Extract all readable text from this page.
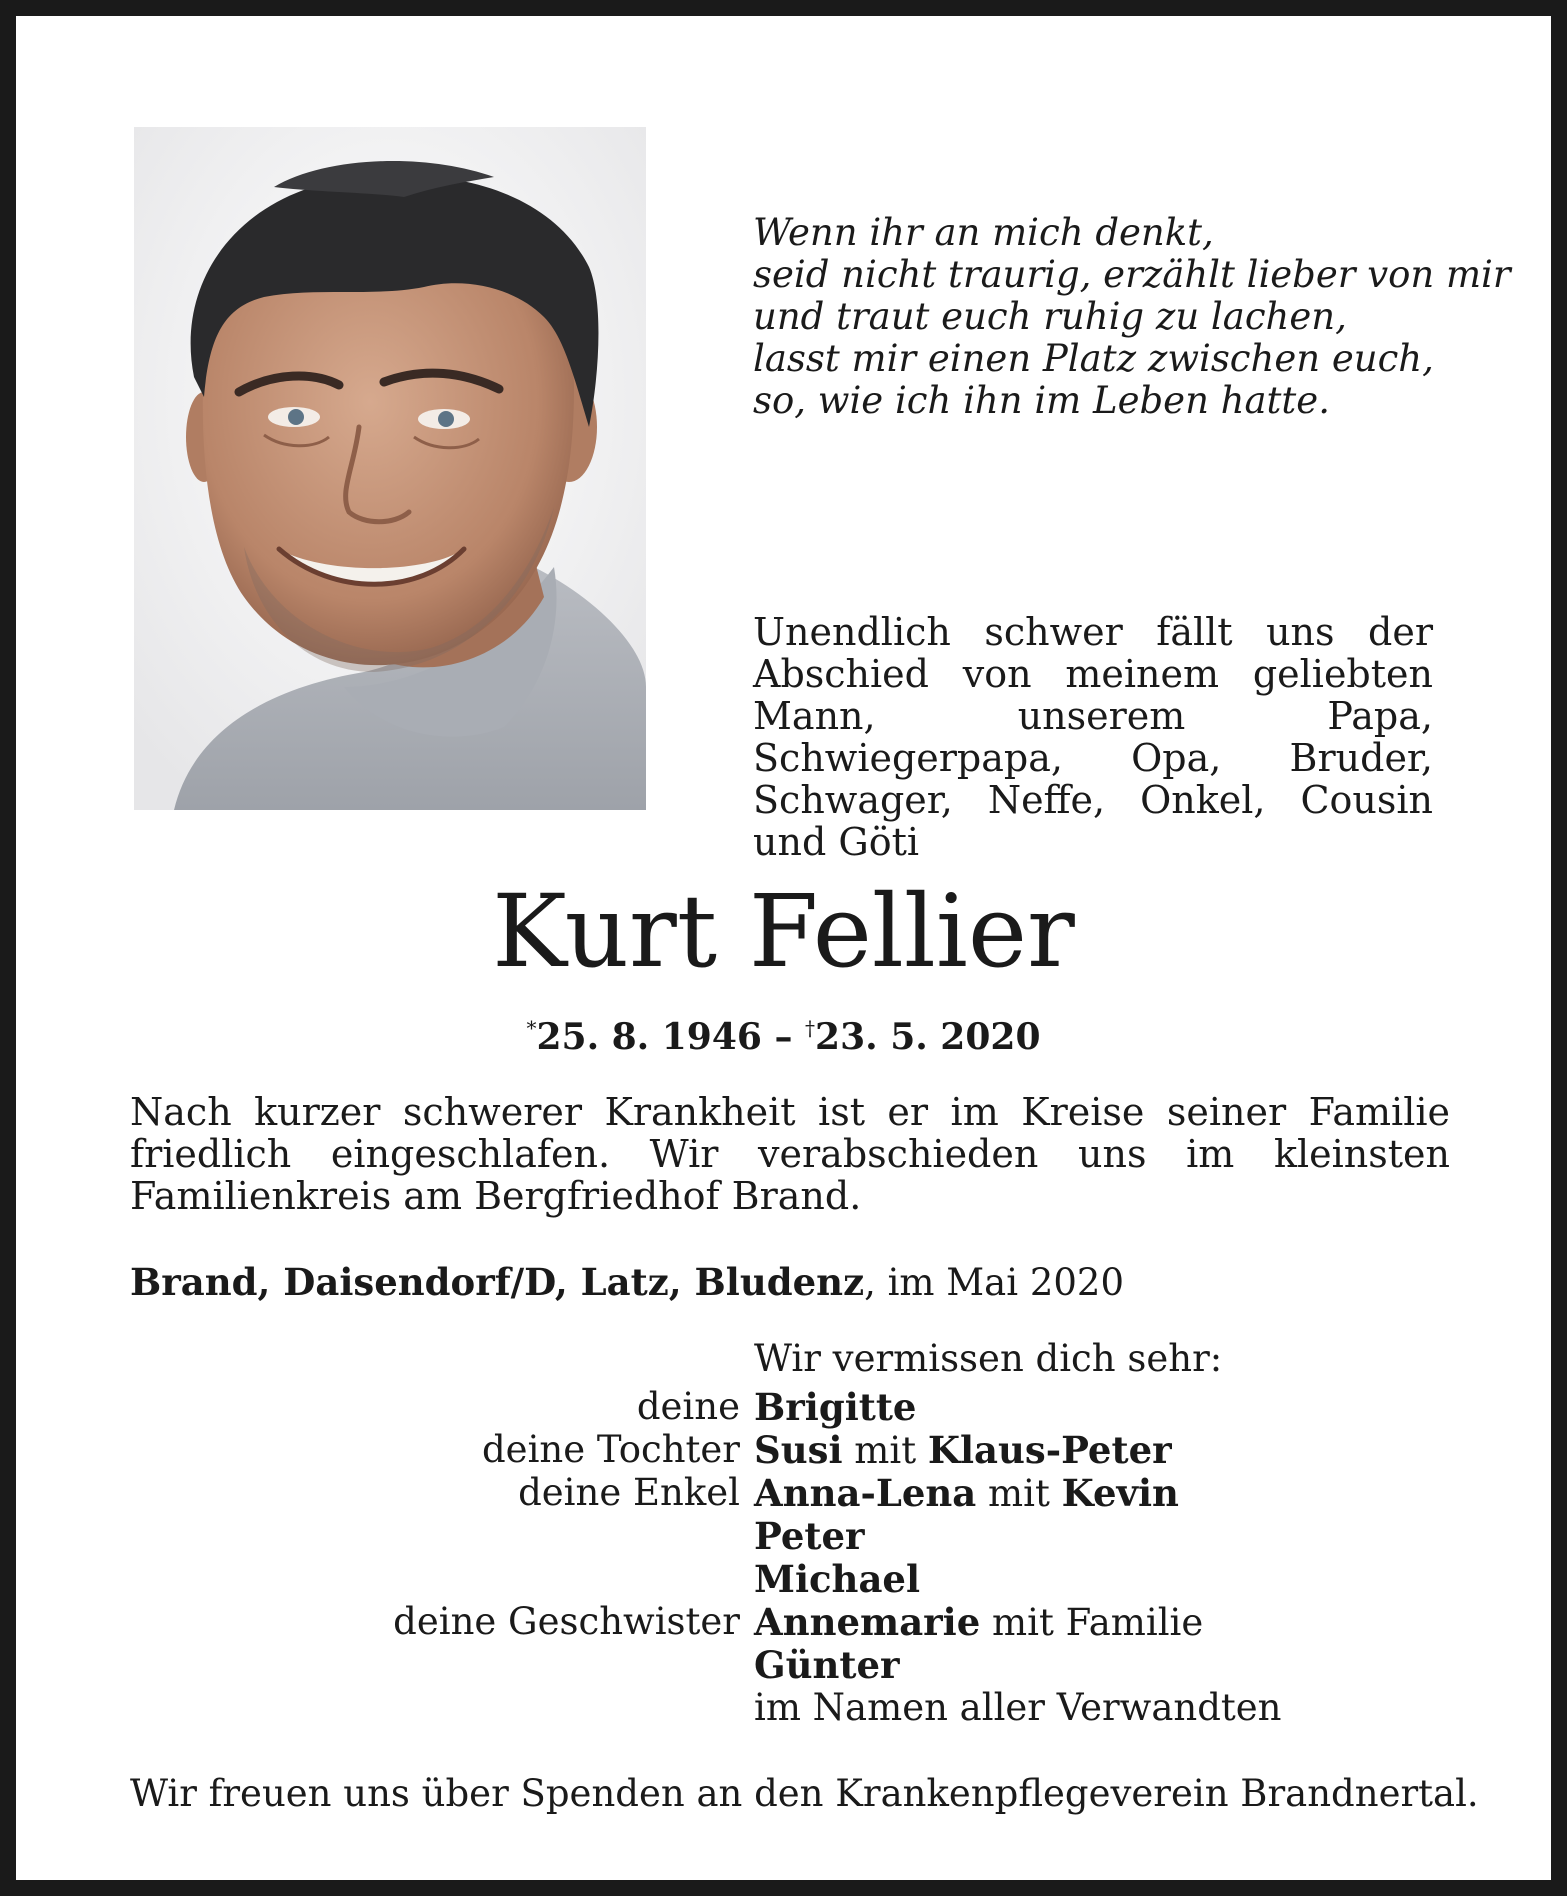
Wenn ihr an mich denkt,
seid nicht traurig, erzählt lieber von mir
und traut euch ruhig zu lachen,
lasst mir einen Platz zwischen euch,
so, wie ich ihn im Leben hatte.
Unendlich schwer fällt uns der Abschied von meinem geliebten Mann, unserem Papa, Schwiegerpapa, Opa, Bruder, Schwager, Neffe, Onkel, Cousin und Göti
Kurt Fellier
*25. 8. 1946 – †23. 5. 2020
Nach kurzer schwerer Krankheit ist er im Kreise seiner Familie friedlich eingeschlafen. Wir verabschieden uns im kleinsten Familienkreis am Bergfriedhof Brand.
Brand, Daisendorf/D, Latz, Bludenz, im Mai 2020
Wir vermissen dich sehr:
deine Brigitte
deine Tochter Susi mit Klaus-Peter
deine Enkel Anna-Lena mit Kevin
Peter
Michael
deine Geschwister Annemarie mit Familie
Günter
im Namen aller Verwandten
Wir freuen uns über Spenden an den Krankenpflegeverein Brandnertal.
